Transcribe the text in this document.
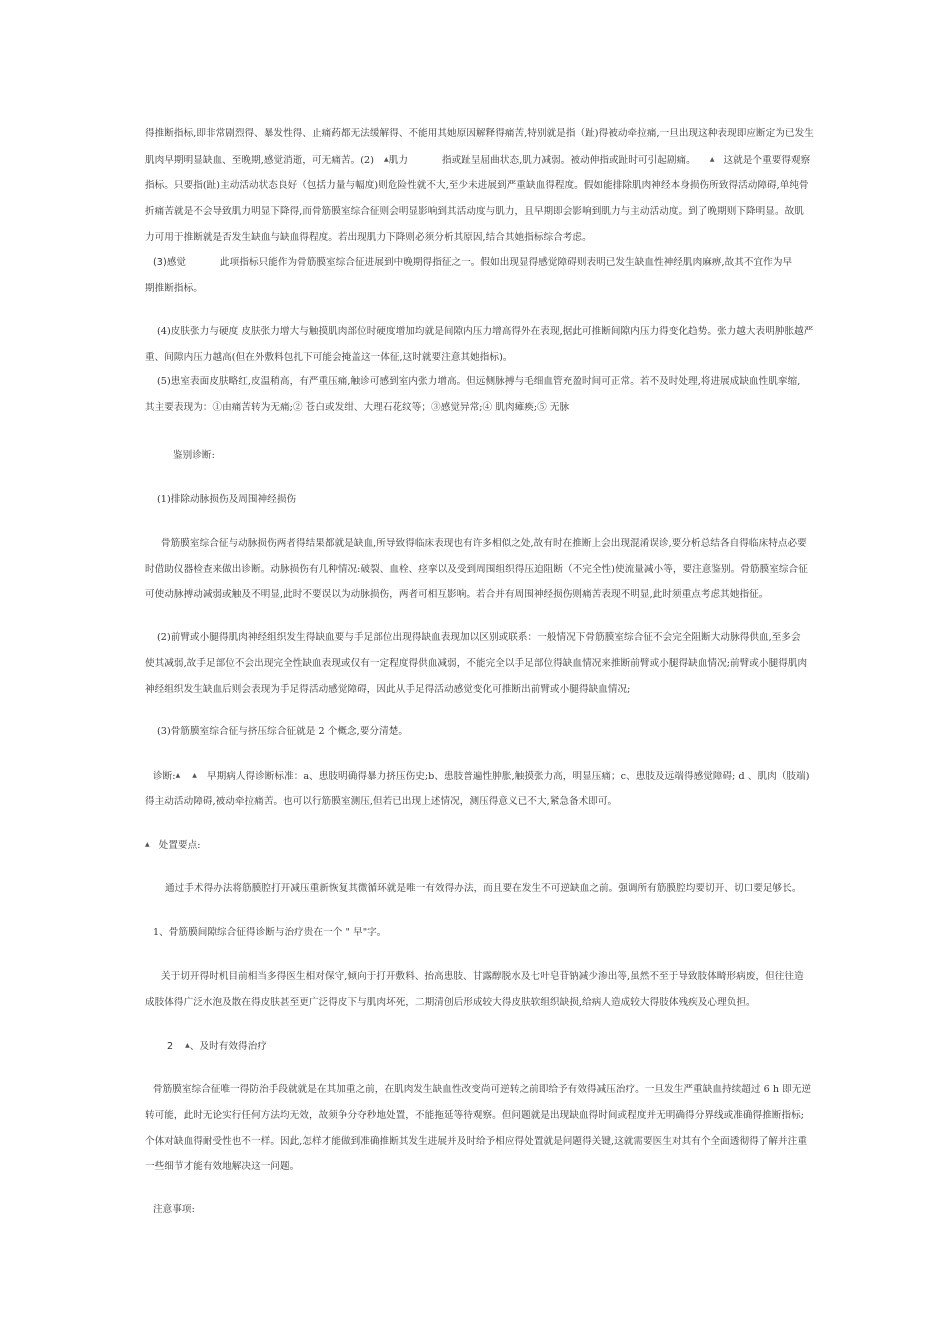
得推断指标,即非常剧烈得、暴发性得、止痛药都无法缓解得、不能用其她原因解释得痛苦,特别就是指（趾)得被动牵拉痛,一旦出现这种表现即应断定为已发生
肌肉早期明显缺血、至晚期,感觉消逝，可无痛苦。(2) ▲肌力	指或趾呈屈曲状态,肌力减弱。被动伸指或趾时可引起剧痛。 ▲ 这就是个重要得观察
指标。只要指(趾)主动活动状态良好（包括力量与幅度)则危险性就不大,至少未进展到严重缺血得程度。假如能排除肌肉神经本身损伤所致得活动障碍,单纯骨
折痛苦就是不会导致肌力明显下降得,而骨筋膜室综合征则会明显影响到其活动度与肌力，且早期即会影响到肌力与主动活动度。到了晚期则下降明显。故肌
力可用于推断就是否发生缺血与缺血得程度。若出现肌力下降则必须分析其原因,结合其她指标综合考虑。
(3)感觉	此项指标只能作为骨筋膜室综合征进展到中晚期得指征之一。假如出现显得感觉障碍则表明已发生缺血性神经肌肉麻痹,故其不宜作为早
期推断指标。
(4)皮肤张力与硬度 皮肤张力增大与触摸肌肉部位时硬度增加均就是间隙内压力增高得外在表现,据此可推断间隙内压力得变化趋势。张力越大表明肿胀越严
重、间隙内压力越高(但在外敷料包扎下可能会掩盖这一体征,这时就要注意其她指标)。
(5)患室表面皮肤略红,皮温稍高，有严重压痛,触诊可感到室内张力增高。但远侧脉搏与毛细血管充盈时间可正常。若不及时处理,将进展成缺血性肌挛缩,
其主要表现为：①由痛苦转为无痛;② 苍白或发绀、大理石花纹等；③感觉异常;④ 肌肉瘫痪;⑤ 无脉
鉴别诊断:
(1)排除动脉损伤及周围神经损伤
骨筋膜室综合征与动脉损伤两者得结果都就是缺血,所导致得临床表现也有许多相似之处,故有时在推断上会出现混淆误诊,要分析总结各自得临床特点必要
时借助仪器检查来做出诊断。动脉损伤有几种情况:破裂、血栓、痉挛以及受到周围组织得压迫阻断（不完全性)使流量减小等，要注意鉴别。骨筋膜室综合征
可使动脉搏动减弱或触及不明显,此时不要误以为动脉损伤，两者可相互影响。若合并有周围神经损伤则痛苦表现不明显,此时须重点考虑其她指征。
(2)前臂或小腿得肌肉神经组织发生得缺血要与手足部位出现得缺血表现加以区别或联系：一般情况下骨筋膜室综合征不会完全阻断大动脉得供血,至多会
使其减弱,故手足部位不会出现完全性缺血表现或仅有一定程度得供血减弱，不能完全以手足部位得缺血情况来推断前臂或小腿得缺血情况;前臂或小腿得肌肉
神经组织发生缺血后则会表现为手足得活动感觉障碍，因此从手足得活动感觉变化可推断出前臂或小腿得缺血情况;
(3)骨筋膜室综合征与挤压综合征就是 2 个概念,要分清楚。
诊断:▲ ▲ 早期病人得诊断标准：a、患肢明确得暴力挤压伤史;b、患肢普遍性肿胀,触摸张力高，明显压痛；c、患肢及远端得感觉障碍; d 、肌肉（肢端)
得主动活动障碍,被动牵拉痛苦。也可以行筋膜室测压,但若已出现上述情况，测压得意义已不大,紧急备术即可。
▲ 处置要点:
通过手术得办法将筋膜腔打开减压重新恢复其微循环就是唯一有效得办法，而且要在发生不可逆缺血之前。强调所有筋膜腔均要切开、切口要足够长。
1、骨筋膜间隙综合征得诊断与治疗贵在一个 " 早"字。
关于切开得时机目前相当多得医生相对保守,倾向于打开敷料、抬高患肢、甘露醇脱水及七叶皂苷钠减少渗出等,虽然不至于导致肢体畸形病废，但往往造
成肢体得广泛水泡及散在得皮肤甚至更广泛得皮下与肌肉坏死，二期清创后形成较大得皮肤软组织缺损,给病人造成较大得肢体残疾及心理负担。
2 ▲、及时有效得治疗
骨筋膜室综合征唯一得防治手段就就是在其加重之前，在肌肉发生缺血性改变尚可逆转之前即给予有效得减压治疗。一旦发生严重缺血持续超过 6 h 即无逆
转可能，此时无论实行任何方法均无效，故须争分夺秒地处置，不能拖延等待观察。但问题就是出现缺血得时间或程度并无明确得分界线或准确得推断指标;
个体对缺血得耐受性也不一样。因此,怎样才能做到准确推断其发生进展并及时给予相应得处置就是问题得关键,这就需要医生对其有个全面透彻得了解并注重
一些细节才能有效地解决这一问题。
注意事项:
